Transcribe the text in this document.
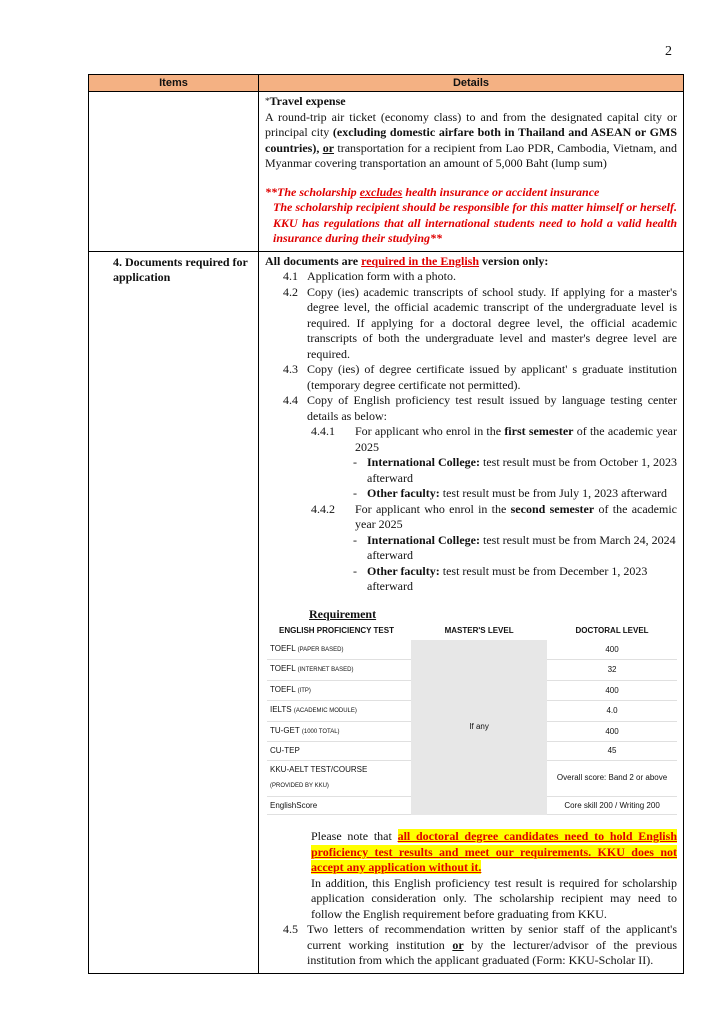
2
Items	Details
*Travel expense
A round-trip air ticket (economy class) to and from the designated capital city or principal city (excluding domestic airfare both in Thailand and ASEAN or GMS countries), or transportation for a recipient from Lao PDR, Cambodia, Vietnam, and Myanmar covering transportation an amount of 5,000 Baht (lump sum)
**The scholarship excludes health insurance or accident insurance
The scholarship recipient should be responsible for this matter himself or herself. KKU has regulations that all international students need to hold a valid health insurance during their studying**
4. Documents required for application
All documents are required in the English version only:
4.1 Application form with a photo.
4.2 Copy (ies) academic transcripts of school study. If applying for a master's degree level, the official academic transcript of the undergraduate level is required. If applying for a doctoral degree level, the official academic transcripts of both the undergraduate level and master's degree level are required.
4.3 Copy (ies) of degree certificate issued by applicant' s graduate institution (temporary degree certificate not permitted).
4.4 Copy of English proficiency test result issued by language testing center details as below:
4.4.1	For applicant who enrol in the first semester of the academic year 2025
- International College: test result must be from October 1, 2023 afterward
- Other faculty: test result must be from July 1, 2023 afterward
4.4.2	For applicant who enrol in the second semester of the academic year 2025
- International College: test result must be from March 24, 2024 afterward
- Other faculty: test result must be from December 1, 2023 afterward
Requirement
ENGLISH PROFICIENCY TEST	MASTER'S LEVEL	DOCTORAL LEVEL
TOEFL (PAPER BASED)	If any	400
TOEFL (INTERNET BASED)		32
TOEFL (ITP)		400
IELTS (ACADEMIC MODULE)		4.0
TU-GET (1000 TOTAL)		400
CU-TEP		45
KKU-AELT TEST/COURSE
(PROVIDED BY KKU)		Overall score: Band 2 or above
EnglishScore		Core skill 200 / Writing 200
Please note that all doctoral degree candidates need to hold English proficiency test results and meet our requirements. KKU does not accept any application without it.
In addition, this English proficiency test result is required for scholarship application consideration only. The scholarship recipient may need to follow the English requirement before graduating from KKU.
4.5 Two letters of recommendation written by senior staff of the applicant's current working institution or by the lecturer/advisor of the previous institution from which the applicant graduated (Form: KKU-Scholar II).
